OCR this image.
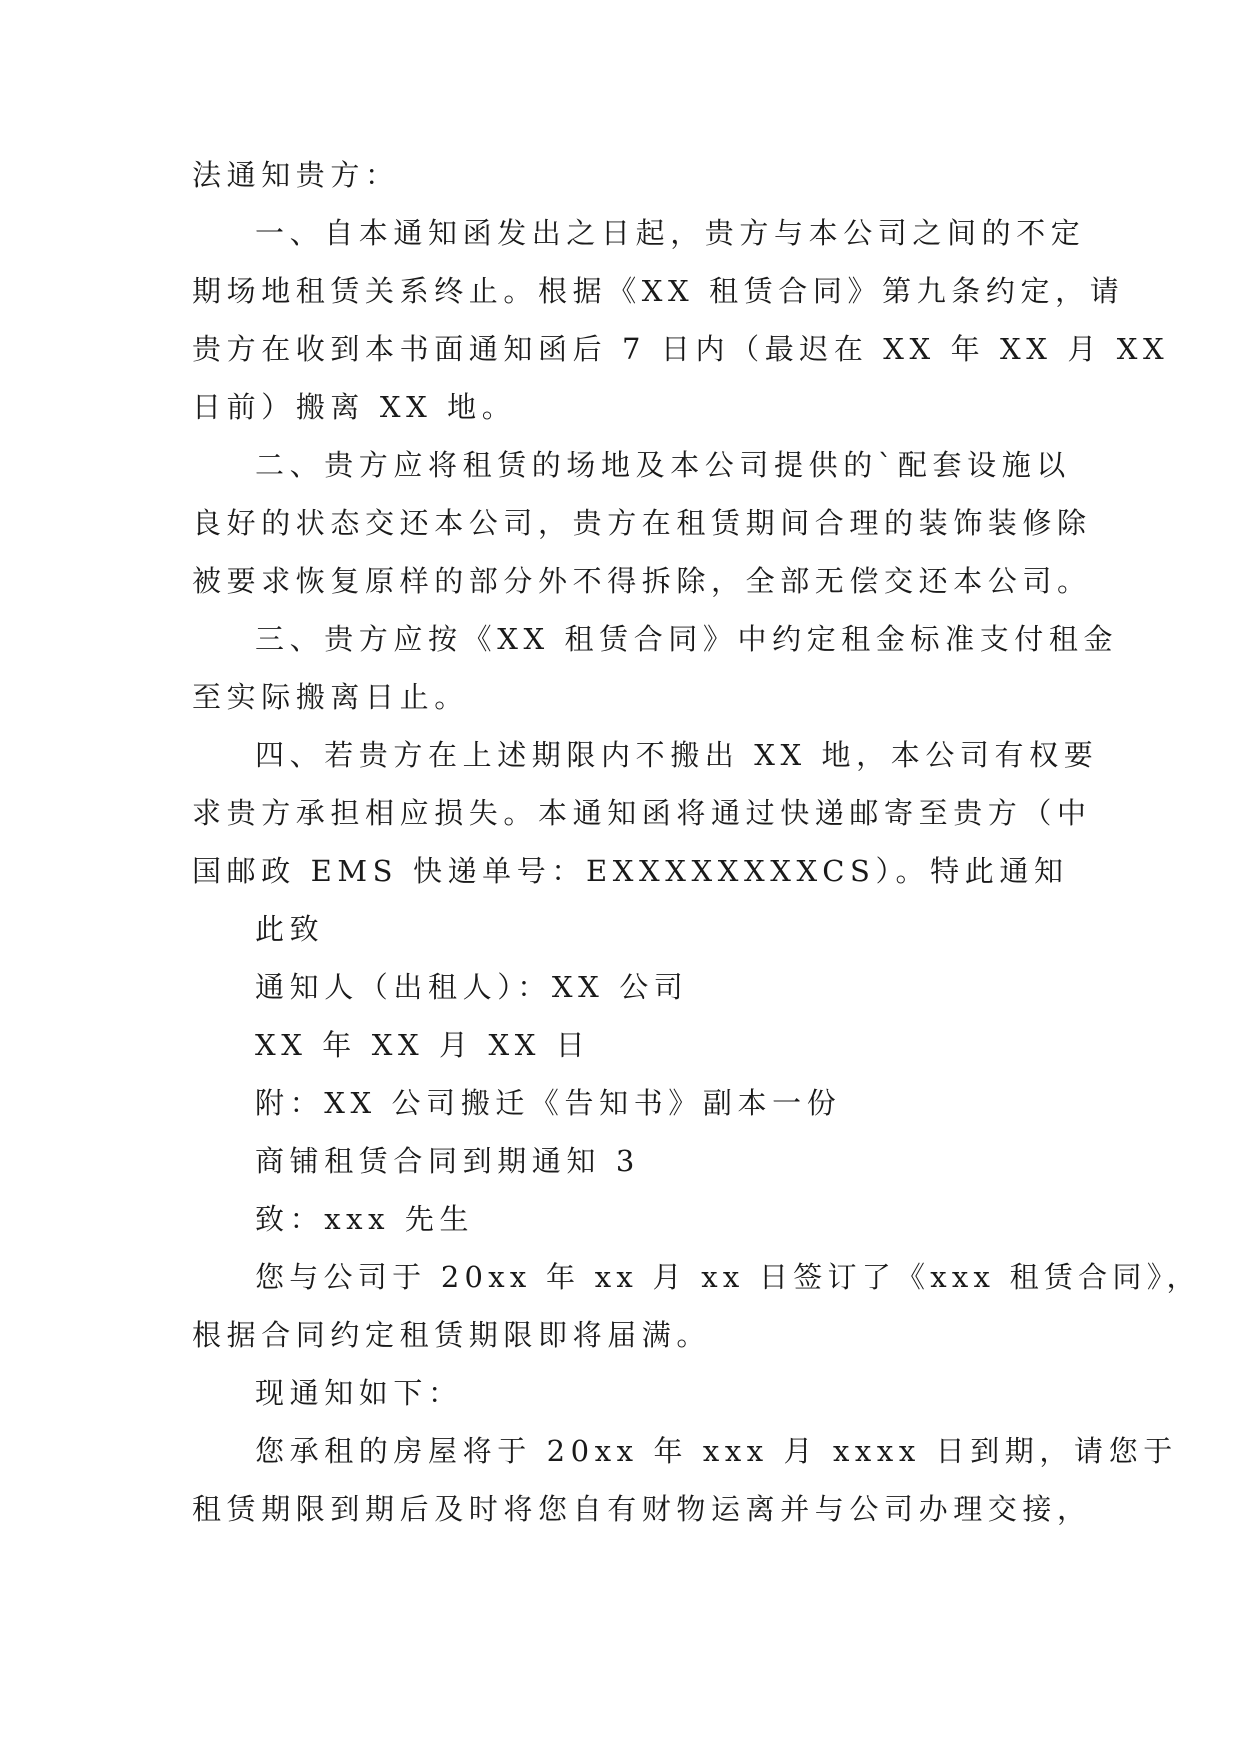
法通知贵方：
一、自本通知函发出之日起，贵方与本公司之间的不定
期场地租赁关系终止。根据《XX 租赁合同》第九条约定，请
贵方在收到本书面通知函后 7 日内（最迟在 XX 年 XX 月 XX
日前）搬离 XX 地。
二、贵方应将租赁的场地及本公司提供的`配套设施以
良好的状态交还本公司，贵方在租赁期间合理的装饰装修除
被要求恢复原样的部分外不得拆除，全部无偿交还本公司。
三、贵方应按《XX 租赁合同》中约定租金标准支付租金
至实际搬离日止。
四、若贵方在上述期限内不搬出 XX 地，本公司有权要
求贵方承担相应损失。本通知函将通过快递邮寄至贵方（中
国邮政 EMS 快递单号：EXXXXXXXXCS）。特此通知
此致
通知人（出租人）：XX 公司
XX 年 XX 月 XX 日
附：XX 公司搬迁《告知书》副本一份
商铺租赁合同到期通知 3
致：xxx 先生
您与公司于 20xx 年 xx 月 xx 日签订了《xxx 租赁合同》，
根据合同约定租赁期限即将届满。
现通知如下：
您承租的房屋将于 20xx 年 xxx 月 xxxx 日到期，请您于
租赁期限到期后及时将您自有财物运离并与公司办理交接，
